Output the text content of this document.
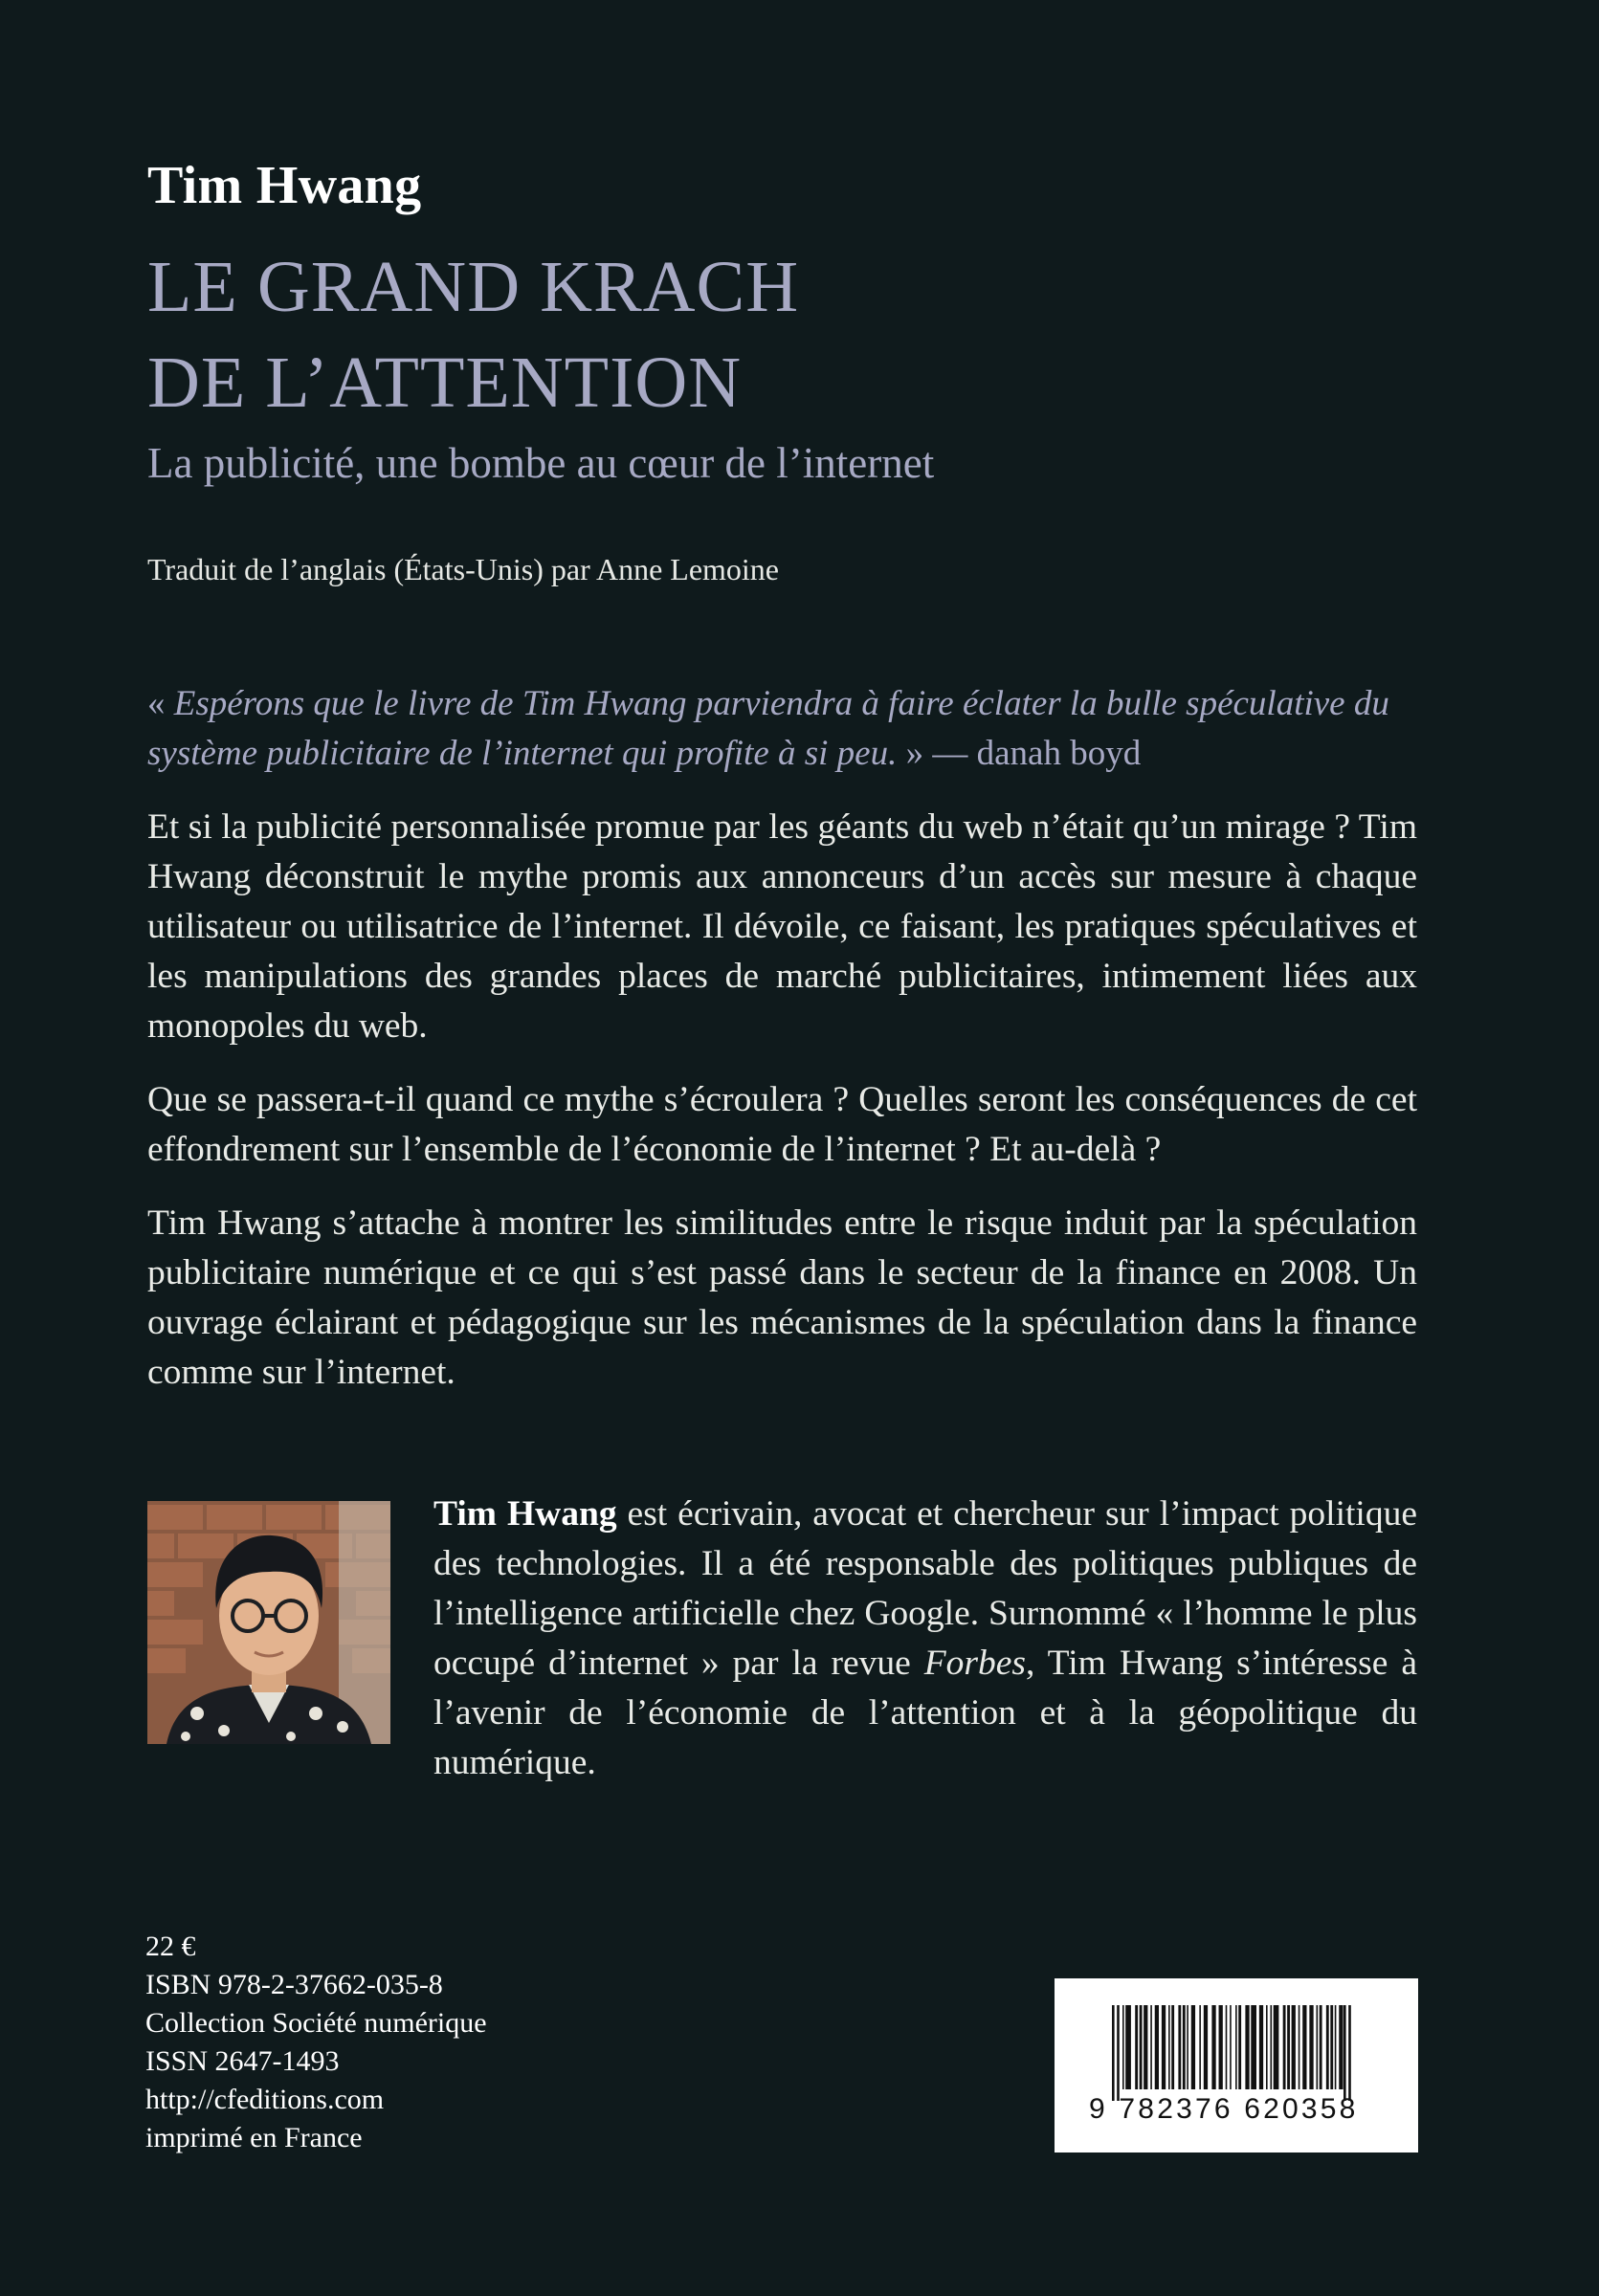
Tim Hwang
LE GRAND KRACH
DE L’ATTENTION
La publicité, une bombe au cœur de l’internet
Traduit de l’anglais (États-Unis) par Anne Lemoine
« Espérons que le livre de Tim Hwang parviendra à faire éclater la bulle spéculative du système publicitaire de l’internet qui profite à si peu. » — danah boyd
Et si la publicité personnalisée promue par les géants du web n’était qu’un mirage ? Tim Hwang déconstruit le mythe promis aux annonceurs d’un accès sur mesure à chaque utilisateur ou utilisatrice de l’internet. Il dévoile, ce faisant, les pratiques spéculatives et les manipulations des grandes places de marché publicitaires, intimement liées aux monopoles du web.
Que se passera-t-il quand ce mythe s’écroulera ? Quelles seront les conséquences de cet effondrement sur l’ensemble de l’économie de l’internet ? Et au-delà ?
Tim Hwang s’attache à montrer les similitudes entre le risque induit par la spéculation publicitaire numérique et ce qui s’est passé dans le secteur de la finance en 2008. Un ouvrage éclairant et pédagogique sur les mécanismes de la spéculation dans la finance comme sur l’internet.
Tim Hwang est écrivain, avocat et chercheur sur l’impact politique des technologies. Il a été responsable des politiques publiques de l’intelligence artificielle chez Google. Surnommé « l’homme le plus occupé d’internet » par la revue Forbes, Tim Hwang s’intéresse à l’avenir de l’économie de l’attention et à la géopolitique du numérique.
22 €
ISBN 978-2-37662-035-8
Collection Société numérique
ISSN 2647-1493
http://cfeditions.com
imprimé en France
9 782376 620358
